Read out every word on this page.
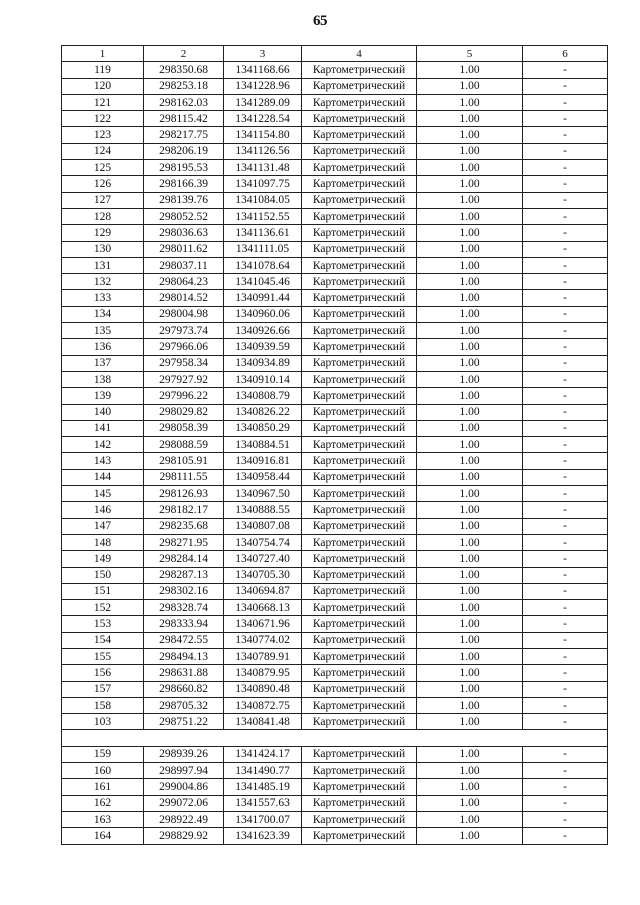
65
1	2	3	4	5	6
119	298350.68	1341168.66	Картометрический	1.00	-
120	298253.18	1341228.96	Картометрический	1.00	-
121	298162.03	1341289.09	Картометрический	1.00	-
122	298115.42	1341228.54	Картометрический	1.00	-
123	298217.75	1341154.80	Картометрический	1.00	-
124	298206.19	1341126.56	Картометрический	1.00	-
125	298195.53	1341131.48	Картометрический	1.00	-
126	298166.39	1341097.75	Картометрический	1.00	-
127	298139.76	1341084.05	Картометрический	1.00	-
128	298052.52	1341152.55	Картометрический	1.00	-
129	298036.63	1341136.61	Картометрический	1.00	-
130	298011.62	1341111.05	Картометрический	1.00	-
131	298037.11	1341078.64	Картометрический	1.00	-
132	298064.23	1341045.46	Картометрический	1.00	-
133	298014.52	1340991.44	Картометрический	1.00	-
134	298004.98	1340960.06	Картометрический	1.00	-
135	297973.74	1340926.66	Картометрический	1.00	-
136	297966.06	1340939.59	Картометрический	1.00	-
137	297958.34	1340934.89	Картометрический	1.00	-
138	297927.92	1340910.14	Картометрический	1.00	-
139	297996.22	1340808.79	Картометрический	1.00	-
140	298029.82	1340826.22	Картометрический	1.00	-
141	298058.39	1340850.29	Картометрический	1.00	-
142	298088.59	1340884.51	Картометрический	1.00	-
143	298105.91	1340916.81	Картометрический	1.00	-
144	298111.55	1340958.44	Картометрический	1.00	-
145	298126.93	1340967.50	Картометрический	1.00	-
146	298182.17	1340888.55	Картометрический	1.00	-
147	298235.68	1340807.08	Картометрический	1.00	-
148	298271.95	1340754.74	Картометрический	1.00	-
149	298284.14	1340727.40	Картометрический	1.00	-
150	298287.13	1340705.30	Картометрический	1.00	-
151	298302.16	1340694.87	Картометрический	1.00	-
152	298328.74	1340668.13	Картометрический	1.00	-
153	298333.94	1340671.96	Картометрический	1.00	-
154	298472.55	1340774.02	Картометрический	1.00	-
155	298494.13	1340789.91	Картометрический	1.00	-
156	298631.88	1340879.95	Картометрический	1.00	-
157	298660.82	1340890.48	Картометрический	1.00	-
158	298705.32	1340872.75	Картометрический	1.00	-
103	298751.22	1340841.48	Картометрический	1.00	-

159	298939.26	1341424.17	Картометрический	1.00	-
160	298997.94	1341490.77	Картометрический	1.00	-
161	299004.86	1341485.19	Картометрический	1.00	-
162	299072.06	1341557.63	Картометрический	1.00	-
163	298922.49	1341700.07	Картометрический	1.00	-
164	298829.92	1341623.39	Картометрический	1.00	-
